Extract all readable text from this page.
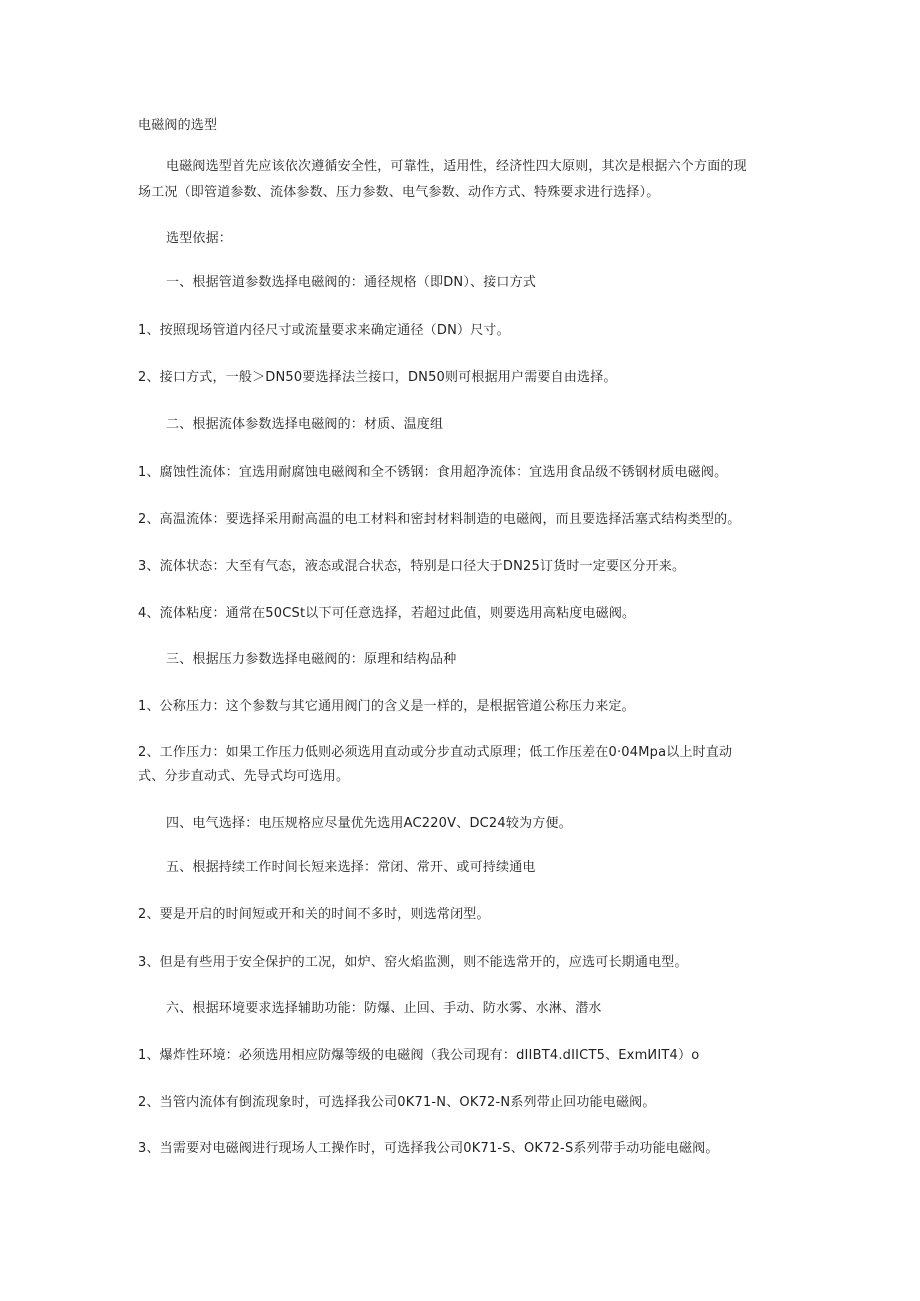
电磁阀的选型
电磁阀选型首先应该依次遵循安全性，可靠性，适用性，经济性四大原则，其次是根据六个方面的现
场工况（即管道参数、流体参数、压力参数、电气参数、动作方式、特殊要求进行选择）。
选型依据：
一、根据管道参数选择电磁阀的：通径规格（即DN）、接口方式
1、按照现场管道内径尺寸或流量要求来确定通径（DN）尺寸。
2、接口方式，一般＞DN50要选择法兰接口，DN50则可根据用户需要自由选择。
二、根据流体参数选择电磁阀的：材质、温度组
1、腐蚀性流体：宜选用耐腐蚀电磁阀和全不锈钢：食用超净流体：宜选用食品级不锈钢材质电磁阀。
2、高温流体：要选择采用耐高温的电工材料和密封材料制造的电磁阀，而且要选择活塞式结构类型的。
3、流体状态：大至有气态，液态或混合状态，特别是口径大于DN25订货时一定要区分开来。
4、流体粘度：通常在50CSt以下可任意选择，若超过此值，则要选用高粘度电磁阀。
三、根据压力参数选择电磁阀的：原理和结构品种
1、公称压力：这个参数与其它通用阀门的含义是一样的，是根据管道公称压力来定。
2、工作压力：如果工作压力低则必须选用直动或分步直动式原理；低工作压差在0·04Mpa以上时直动
式、分步直动式、先导式均可选用。
四、电气选择：电压规格应尽量优先选用AC220V、DC24较为方便。
五、根据持续工作时间长短来选择：常闭、常开、或可持续通电
2、要是开启的时间短或开和关的时间不多时，则选常闭型。
3、但是有些用于安全保护的工况，如炉、窑火焰监测，则不能选常开的，应选可长期通电型。
六、根据环境要求选择辅助功能：防爆、止回、手动、防水雾、水淋、潜水
1、爆炸性环境：必须选用相应防爆等级的电磁阀（我公司现有：dIIBT4.dIICT5、ExmИIT4）o
2、当管内流体有倒流现象时，可选择我公司0K71-N、OK72-N系列带止回功能电磁阀。
3、当需要对电磁阀进行现场人工操作时，可选择我公司0K71-S、OK72-S系列带手动功能电磁阀。
